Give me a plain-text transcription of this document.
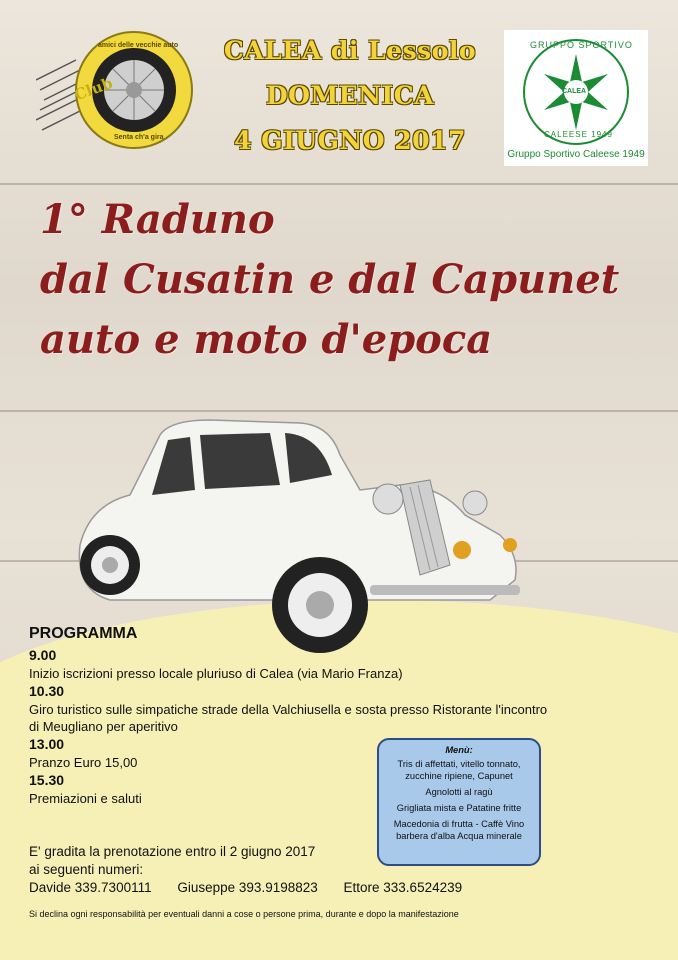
Club
amici delle vecchie auto
Senta ch'a gira
CALEA di Lessolo
DOMENICA
4 GIUGNO 2017
GRUPPO SPORTIVO
CALEA
CALEESE 1949
Gruppo Sportivo Caleese 1949
1° Raduno
dal Cusatin e dal Capunet
auto e moto d'epoca
PROGRAMMA
9.00
Inizio iscrizioni presso locale pluriuso di Calea (via Mario Franza)
10.30
Giro turistico sulle simpatiche strade della Valchiusella e sosta presso Ristorante l'incontro di Meugliano per aperitivo
13.00
Pranzo Euro 15,00
15.30
Premiazioni e saluti
Menù:
Tris di affettati, vitello tonnato, zucchine ripiene, Capunet
Agnolotti al ragù
Grigliata mista e Patatine fritte
Macedonia di frutta - Caffè Vino barbera d'alba Acqua minerale
E' gradita la prenotazione entro il 2 giugno 2017
ai seguenti numeri:
Davide 339.7300111 Giuseppe 393.9198823 Ettore 333.6524239
Si declina ogni responsabilità per eventuali danni a cose o persone prima, durante e dopo la manifestazione
